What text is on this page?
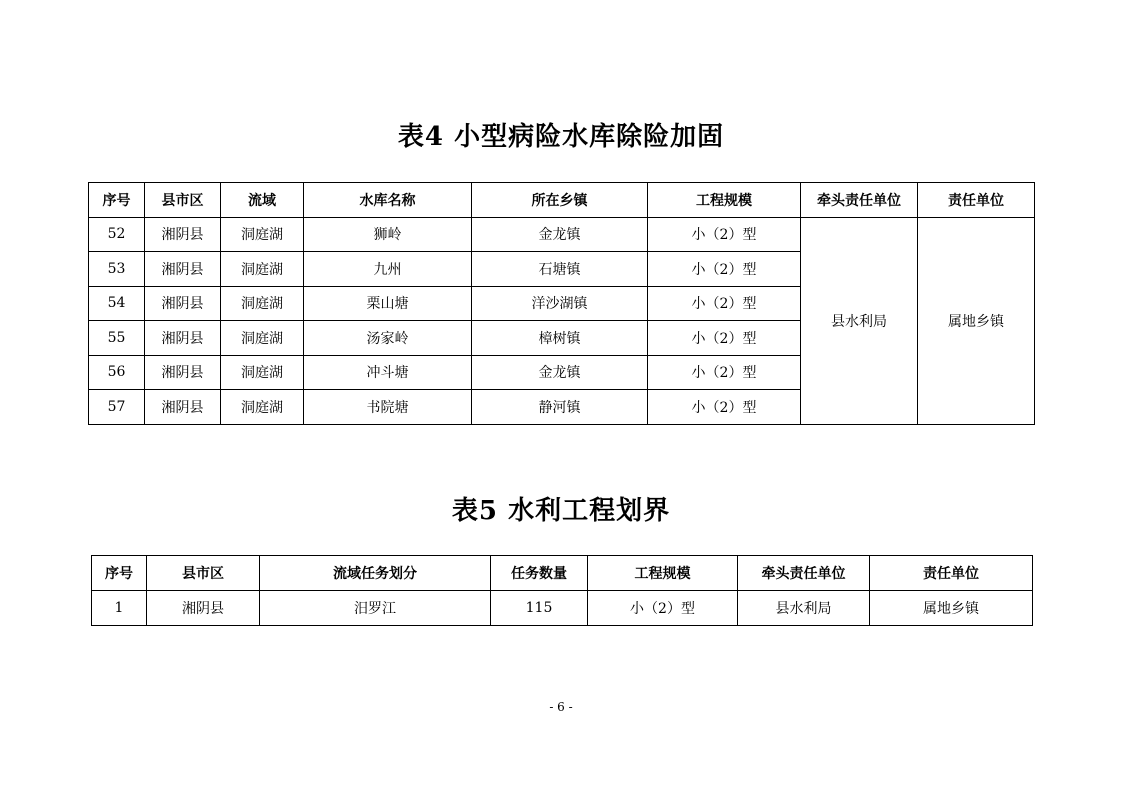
表4 小型病险水库除险加固
序号	县市区	流域	水库名称	所在乡镇	工程规模	牵头责任单位	责任单位
52	湘阴县	洞庭湖	狮岭	金龙镇	小（2）型	县水利局	属地乡镇
53	湘阴县	洞庭湖	九州	石塘镇	小（2）型		
54	湘阴县	洞庭湖	栗山塘	洋沙湖镇	小（2）型		
55	湘阴县	洞庭湖	汤家岭	樟树镇	小（2）型		
56	湘阴县	洞庭湖	冲斗塘	金龙镇	小（2）型		
57	湘阴县	洞庭湖	书院塘	静河镇	小（2）型		
表5 水利工程划界
序号	县市区	流域任务划分	任务数量	工程规模	牵头责任单位	责任单位
1	湘阴县	汨罗江	115	小（2）型	县水利局	属地乡镇
- 6 -
